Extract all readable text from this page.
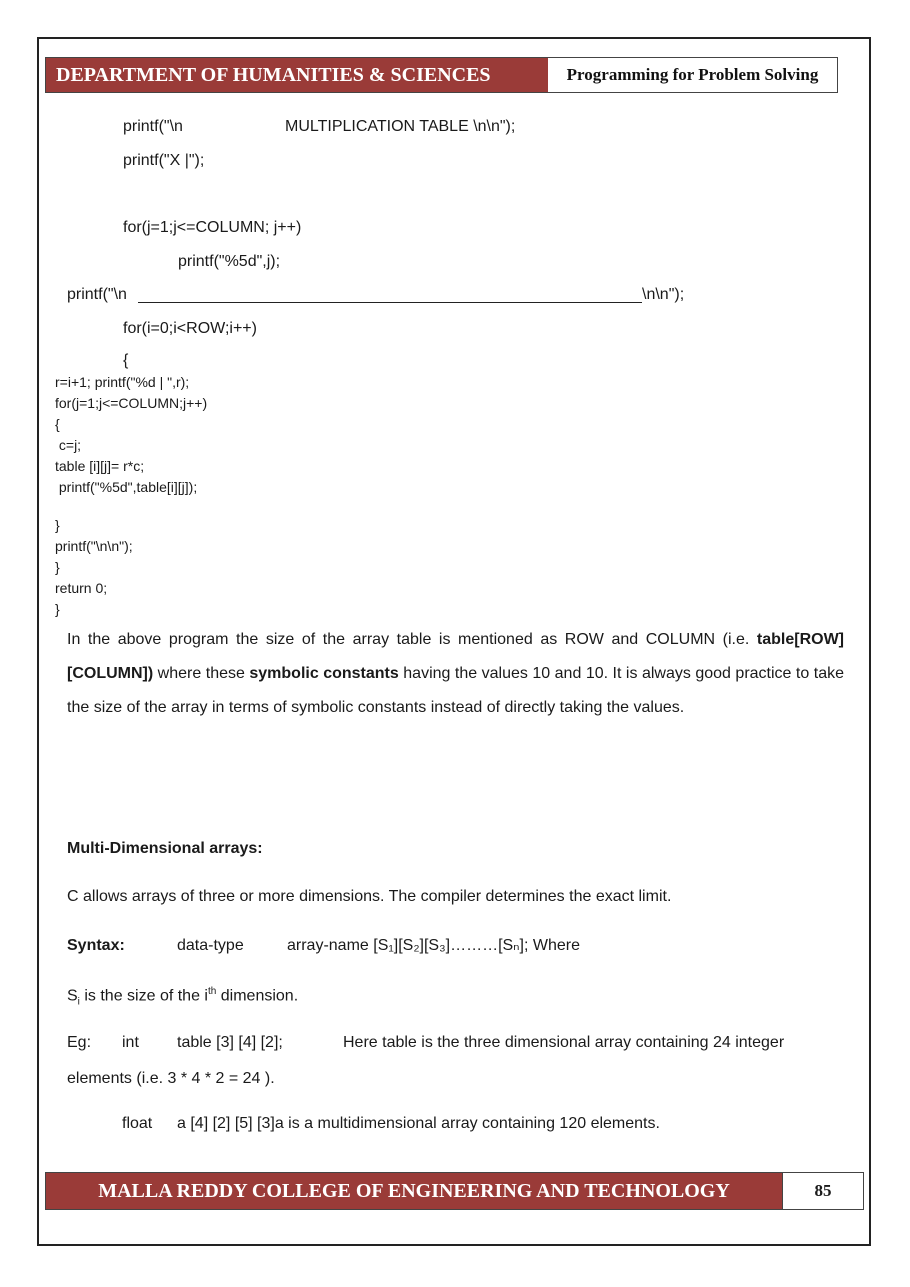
DEPARTMENT OF HUMANITIES & SCIENCES	Programming for Problem Solving
printf("\n	MULTIPLICATION TABLE \n\n");
printf("X |");
for(j=1;j<=COLUMN; j++)
printf("%5d",j);
printf("\n	\n\n");
for(i=0;i<ROW;i++)
{
r=i+1; printf("%d | ",r);
for(j=1;j<=COLUMN;j++)
{
c=j;
table [i][j]= r*c;
printf("%5d",table[i][j]);
}
printf("\n\n");
}
return 0;
}
In the above program the size of the array table is mentioned as ROW and COLUMN (i.e. table[ROW] [COLUMN]) where these symbolic constants having the values 10 and 10. It is always good practice to take the size of the array in terms of symbolic constants instead of directly taking the values.
Multi-Dimensional arrays:
C allows arrays of three or more dimensions. The compiler determines the exact limit.
Syntax:	data-type	array-name [S₁][S₂][S₃]………[Sₙ]; Where
$S_i$ is the size of the $i^{th}$ dimension.
Eg: int table [3] [4] [2];	Here table is the three dimensional array containing 24 integer
elements (i.e. 3 * 4 * 2 = 24 ).
float a [4] [2] [5] [3]a is a multidimensional array containing 120 elements.
MALLA REDDY COLLEGE OF ENGINEERING AND TECHNOLOGY	85
